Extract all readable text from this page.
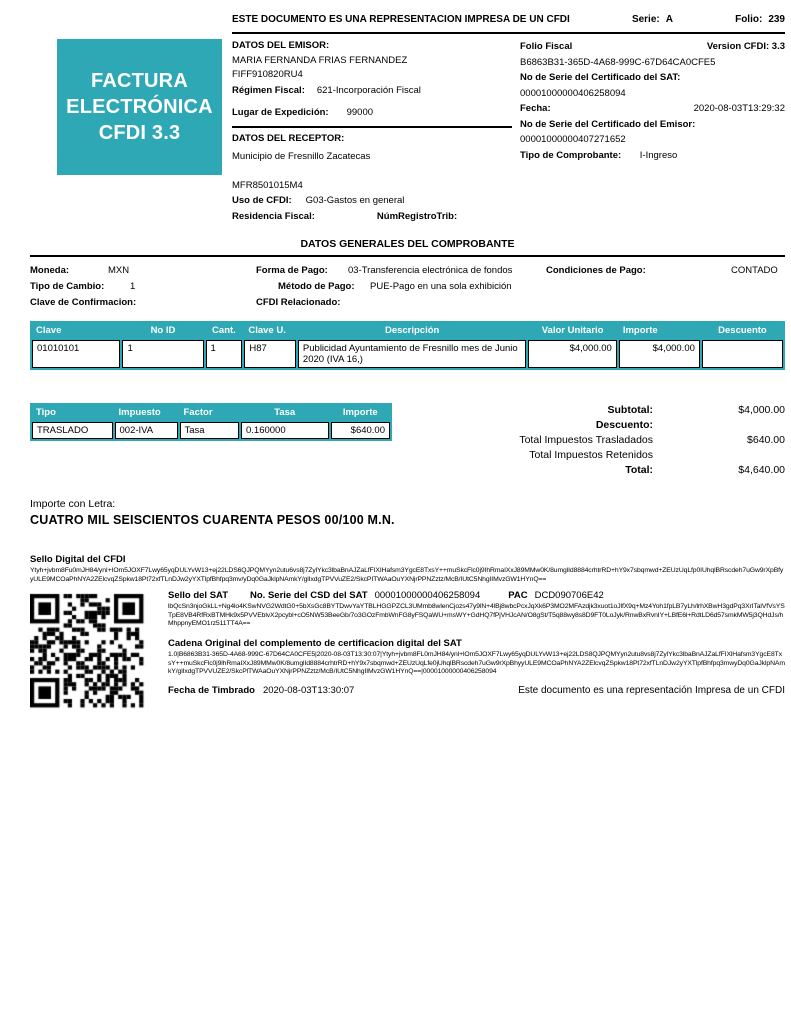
ESTE DOCUMENTO ES UNA REPRESENTACION IMPRESA DE UN CFDI	Serie: A	Folio: 239
FACTURA
ELECTRÓNICA
CFDI 3.3
DATOS DEL EMISOR:
MARIA FERNANDA FRIAS FERNANDEZ
FIFF910820RU4
Régimen Fiscal: 621-Incorporación Fiscal
Lugar de Expedición: 99000
DATOS DEL RECEPTOR:
Municipio de Fresnillo Zacatecas
MFR8501015M4
Uso de CFDI: G03-Gastos en general
Residencia Fiscal:	NúmRegistroTrib:
Folio Fiscal	Version CFDI: 3.3
B6863B31-365D-4A68-999C-67D64CA0CFE5
No de Serie del Certificado del SAT:
00001000000406258094
Fecha:	2020-08-03T13:29:32
No de Serie del Certificado del Emisor:
00001000000407271652
Tipo de Comprobante: I-Ingreso
DATOS GENERALES DEL COMPROBANTE
Moneda:	MXN	Forma de Pago:	03-Transferencia electrónica de fondos	Condiciones de Pago:	CONTADO
Tipo de Cambio:	1	Método de Pago:	PUE-Pago en una sola exhibición
Clave de Confirmacion:	CFDI Relacionado:
Clave	No ID	Cant.	Clave U.	Descripción	Valor Unitario	Importe	Descuento
01010101	1	1	H87	Publicidad Ayuntamiento de Fresnillo mes de Junio 2020 (IVA 16,)	$4,000.00	$4,000.00	
Tipo	Impuesto	Factor	Tasa	Importe
TRASLADO	002-IVA	Tasa	0.160000	$640.00
Subtotal:	$4,000.00
Descuento:
Total Impuestos Trasladados	$640.00
Total Impuestos Retenidos
Total:	$4,640.00
Importe con Letra:
CUATRO MIL SEISCIENTOS CUARENTA PESOS 00/100 M.N.
Sello Digital del CFDI
Ytyh+jvbm8Fu0mJH84/ynI+IOm5JOXF7Lwy65yqDULYvW13+ej22LDS6QJPQMYyn2utu6vs8j7ZylYkc3lbaBnAJZaLfFIXIHafsm3YgcE8TxsY++muSkcFlc0j9IhRmaIXxJ89MMw0K/8umglId8884crhtrRD+hY9x7sbqmwd+ZEUzUqLfp0IUhqlBRscdeh7uGw9rXpBfyyULE9MCOaPhNYA2ZElcvqZSpkw18Pt72xfTLnDJw2yYXTlpfBhfpq3mv/yDq0GaJklpNAmkY/glIxdgTPVVuZE2/SkcPITWAaOuYXNjrPPNZztz/McB/IUtC5NhgIIMvzGW1HYnQ==
Sello del SAT No. Serie del CSD del SAT 00001000000406258094	PAC DCD090706E42
lbQcSn3njoGkLL+Ng4lo4KSwNVG2WdtG0+5bXsGc8BYTDwvYaYTBLHGGPZCL3UMmb8wlenCjozs47y9lN+4lBj8wbcPcxJqXk6P3MO2MFAzdjk3xuot1oJlfX9q+Mz4Yoh1fpLB7yLh/lrhXBwH3gdPq3XrITalVfVsYSTpE8VB4RfRxBTMHk9x5PVVEblvX2pcybl+cO5NW53BeeGb/7o3GOzFmbWnFG8yFSQaWU+msWY+GdHQ7fPjVHJcAN/O8gSt/T5q88wy8s8D9FT0LoJyk/RnwBxRvnIY+LBfE6l+RdtLD6d57smkMW5j3QHdJs/hMhppnyEMO1rz511TT4A==
Cadena Original del complemento de certificacion digital del SAT
1.0|B6863B31-365D-4A68-999C-67D64CA0CFE5|2020-08-03T13:30:07|Ytyh+jvbm8FL0mJH84/ynl+lOm5JOXF7Lwy65yqDULYvW13+ej22LDS8QJPQMYyn2utu8vs8j7ZylYkc3lbaBnAJZaLfFIXlHafsm3YgcE8TxsY++muSkcFlc0j9lhRmaIXxJ89MMw0K/8umglId8884crhtrRD+hY9x7sbqmwd+ZEUzUqLfe0jUhqlBRscdeh7uGw9rXpBhyyULE9MCOaPhNYA2ZElcvqZSpkw18Pt72xfTLnDJw2yYXTlpfBhfpq3mwyDq0GaJklpNAmkY/glIxdgTPVVUZE2/SkcPlTWAaOuYXNjrPPNZztz/McB/IUtC5NhgIIMvzGW1HYnQ==|00001000000406258094
Fecha de Timbrado 2020-08-03T13:30:07	Este documento es una representación Impresa de un CFDI
